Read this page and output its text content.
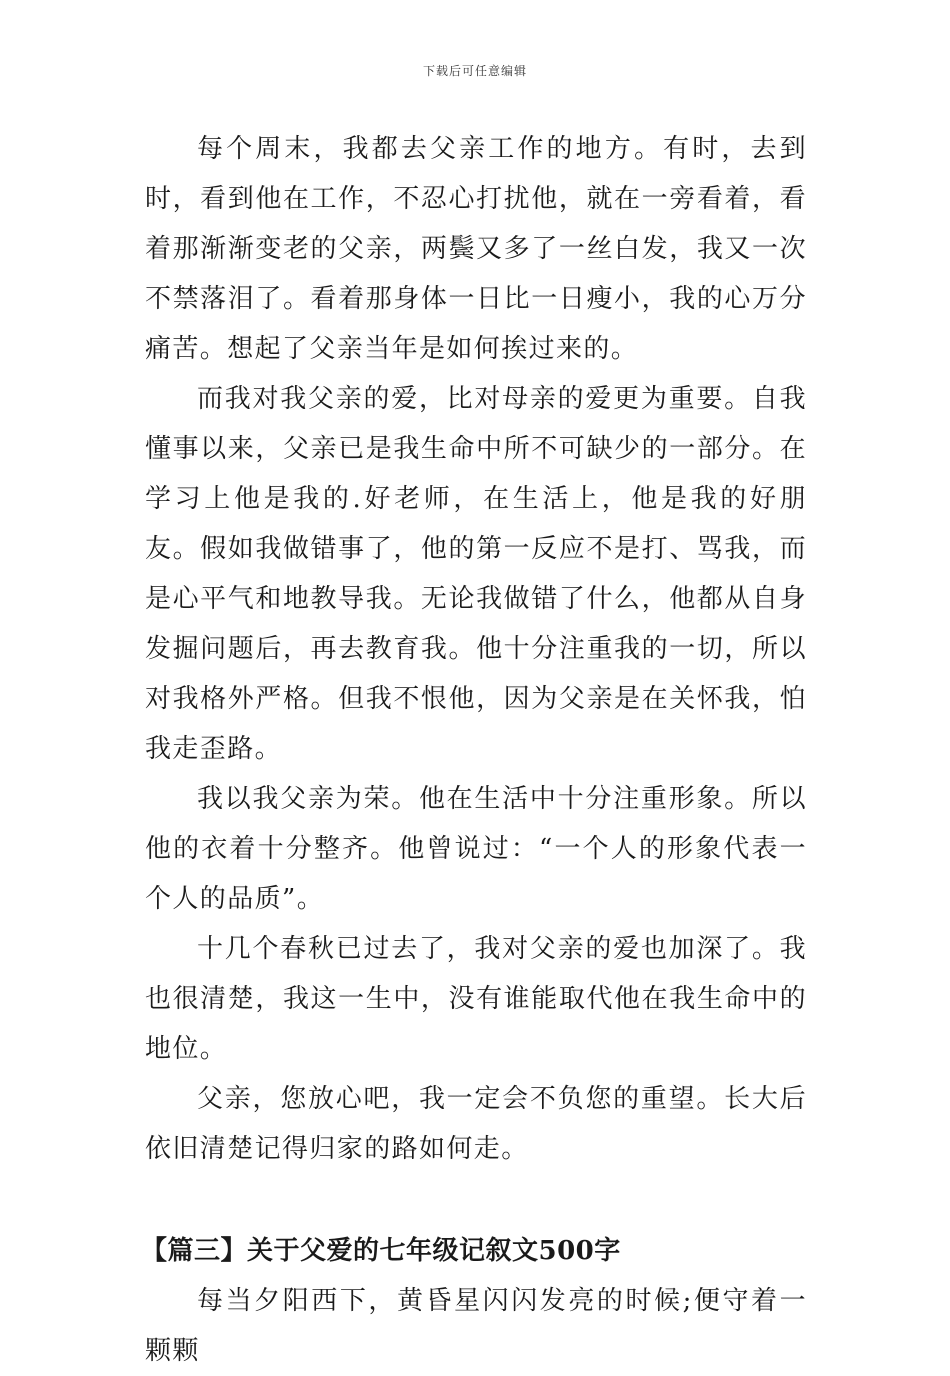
下载后可任意编辑

每个周末，我都去父亲工作的地方。有时，去到时，看到他在工作，不忍心打扰他，就在一旁看着，看着那渐渐变老的父亲，两鬓又多了一丝白发，我又一次不禁落泪了。看着那身体一日比一日瘦小，我的心万分痛苦。想起了父亲当年是如何挨过来的。

而我对我父亲的爱，比对母亲的爱更为重要。自我懂事以来，父亲已是我生命中所不可缺少的一部分。在学习上他是我的.好老师，在生活上，他是我的好朋友。假如我做错事了，他的第一反应不是打、骂我，而是心平气和地教导我。无论我做错了什么，他都从自身发掘问题后，再去教育我。他十分注重我的一切，所以对我格外严格。但我不恨他，因为父亲是在关怀我，怕我走歪路。

我以我父亲为荣。他在生活中十分注重形象。所以他的衣着十分整齐。他曾说过：“一个人的形象代表一个人的品质”。

十几个春秋已过去了，我对父亲的爱也加深了。我也很清楚，我这一生中，没有谁能取代他在我生命中的地位。

父亲，您放心吧，我一定会不负您的重望。长大后依旧清楚记得归家的路如何走。

【篇三】关于父爱的七年级记叙文500字

每当夕阳西下，黄昏星闪闪发亮的时候;便守着一颗颗
